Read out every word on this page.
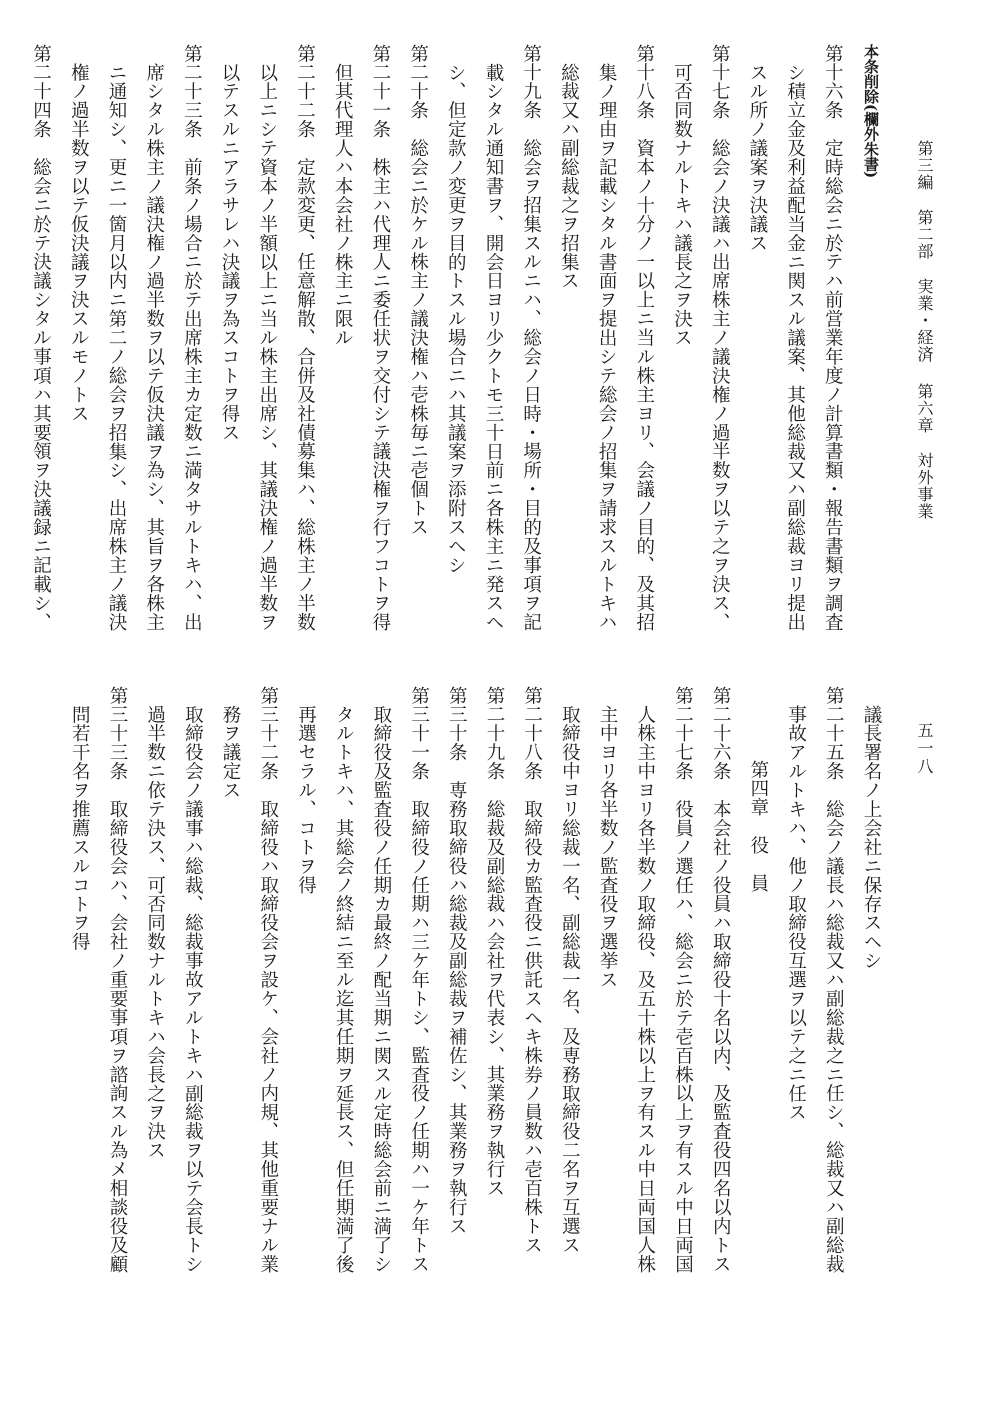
第三編
第二部
実業・経済
第六章
対外事業
五一八
本条削除(欄外朱書)
第十六条　定時総会ニ於テハ前営業年度ノ計算書類・報告書類ヲ調査
シ積立金及利益配当金ニ関スル議案、其他総裁又ハ副総裁ヨリ提出
スル所ノ議案ヲ決議ス
第十七条　総会ノ決議ハ出席株主ノ議決権ノ過半数ヲ以テ之ヲ決ス、
可否同数ナルトキハ議長之ヲ決ス
第十八条　資本ノ十分ノ一以上ニ当ル株主ヨリ、会議ノ目的、及其招
集ノ理由ヲ記載シタル書面ヲ提出シテ総会ノ招集ヲ請求スルトキハ
総裁又ハ副総裁之ヲ招集ス
第十九条　総会ヲ招集スルニハ、総会ノ日時・場所・目的及事項ヲ記
載シタル通知書ヲ、開会日ヨリ少クトモ三十日前ニ各株主ニ発スヘ
シ、但定款ノ変更ヲ目的トスル場合ニハ其議案ヲ添附スヘシ
第二十条　総会ニ於ケル株主ノ議決権ハ壱株毎ニ壱個トス
第二十一条　株主ハ代理人ニ委任状ヲ交付シテ議決権ヲ行フコトヲ得
但其代理人ハ本会社ノ株主ニ限ル
第二十二条　定款変更、任意解散、合併及社債募集ハ、総株主ノ半数
以上ニシテ資本ノ半額以上ニ当ル株主出席シ、其議決権ノ過半数ヲ
以テスルニアラサレハ決議ヲ為スコトヲ得ス
第二十三条　前条ノ場合ニ於テ出席株主カ定数ニ満タサルトキハ、出
席シタル株主ノ議決権ノ過半数ヲ以テ仮決議ヲ為シ、其旨ヲ各株主
ニ通知シ、更ニ一箇月以内ニ第二ノ総会ヲ招集シ、出席株主ノ議決
権ノ過半数ヲ以テ仮決議ヲ決スルモノトス
第二十四条　総会ニ於テ決議シタル事項ハ其要領ヲ決議録ニ記載シ、
議長署名ノ上会社ニ保存スヘシ
第二十五条　総会ノ議長ハ総裁又ハ副総裁之ニ任シ、総裁又ハ副総裁
事故アルトキハ、他ノ取締役互選ヲ以テ之ニ任ス
第四章　役　員
第二十六条　本会社ノ役員ハ取締役十名以内、及監査役四名以内トス
第二十七条　役員ノ選任ハ、総会ニ於テ壱百株以上ヲ有スル中日両国
人株主中ヨリ各半数ノ取締役、及五十株以上ヲ有スル中日両国人株
主中ヨリ各半数ノ監査役ヲ選挙ス
取締役中ヨリ総裁一名、副総裁一名、及専務取締役二名ヲ互選ス
第二十八条　取締役カ監査役ニ供託スヘキ株券ノ員数ハ壱百株トス
第二十九条　総裁及副総裁ハ会社ヲ代表シ、其業務ヲ執行ス
第三十条　専務取締役ハ総裁及副総裁ヲ補佐シ、其業務ヲ執行ス
第三十一条　取締役ノ任期ハ三ケ年トシ、監査役ノ任期ハ一ケ年トス
取締役及監査役ノ任期カ最終ノ配当期ニ関スル定時総会前ニ満了シ
タルトキハ、其総会ノ終結ニ至ル迄其任期ヲ延長ス、但任期満了後
再選セラル、コトヲ得
第三十二条　取締役ハ取締役会ヲ設ケ、会社ノ内規、其他重要ナル業
務ヲ議定ス
取締役会ノ議事ハ総裁、総裁事故アルトキハ副総裁ヲ以テ会長トシ
過半数ニ依テ決ス、可否同数ナルトキハ会長之ヲ決ス
第三十三条　取締役会ハ、会社ノ重要事項ヲ諮詢スル為メ相談役及顧
問若干名ヲ推薦スルコトヲ得
